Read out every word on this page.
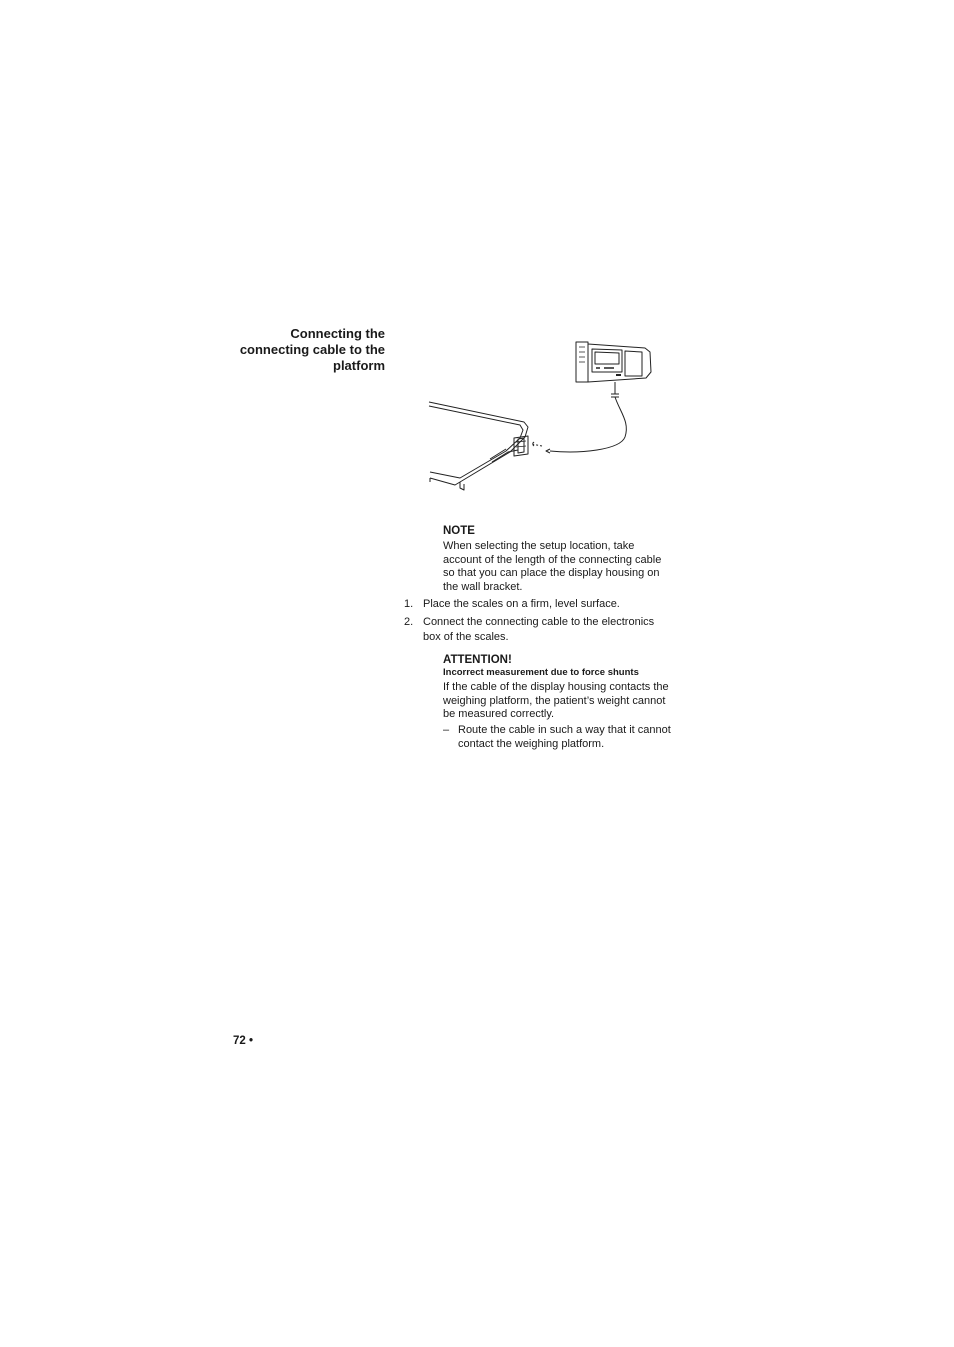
Connecting the
connecting cable to the
platform
NOTE
When selecting the setup location, take
account of the length of the connecting cable
so that you can place the display housing on
the wall bracket.
1. Place the scales on a firm, level surface.
2. Connect the connecting cable to the electronics
box of the scales.
ATTENTION!
Incorrect measurement due to force shunts
If the cable of the display housing contacts the
weighing platform, the patient’s weight cannot
be measured correctly.
– Route the cable in such a way that it cannot
contact the weighing platform.
72 •
